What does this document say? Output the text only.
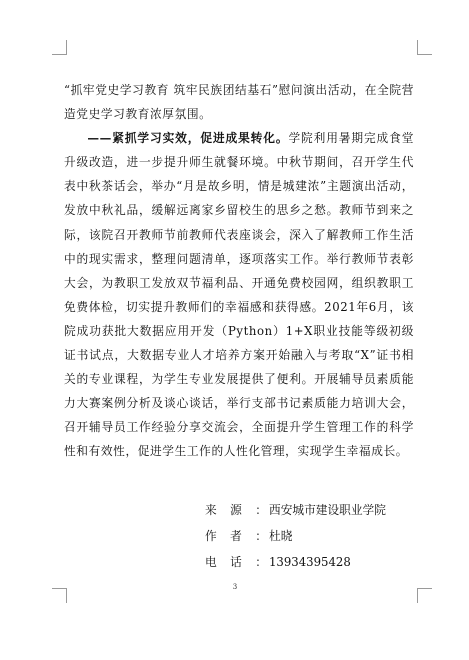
“抓牢党史学习教育 筑牢民族团结基石”慰问演出活动，在全院营造党史学习教育浓厚氛围。

——紧抓学习实效，促进成果转化。学院利用暑期完成食堂升级改造，进一步提升师生就餐环境。中秋节期间，召开学生代表中秋茶话会，举办“月是故乡明，情是城建浓”主题演出活动，发放中秋礼品，缓解远离家乡留校生的思乡之愁。教师节到来之际，该院召开教师节前教师代表座谈会，深入了解教师工作生活中的现实需求，整理问题清单，逐项落实工作。举行教师节表彰大会，为教职工发放双节福利品、开通免费校园网，组织教职工免费体检，切实提升教师们的幸福感和获得感。2021年6月，该院成功获批大数据应用开发（Python）1+X职业技能等级初级证书试点，大数据专业人才培养方案开始融入与考取“X”证书相关的专业课程，为学生专业发展提供了便利。开展辅导员素质能力大赛案例分析及谈心谈话，举行支部书记素质能力培训大会，召开辅导员工作经验分享交流会，全面提升学生管理工作的科学性和有效性，促进学生工作的人性化管理，实现学生幸福成长。

来 源 ： 西安城市建设职业学院
作 者 ： 杜晓
电 话 ： 13934395428
3
